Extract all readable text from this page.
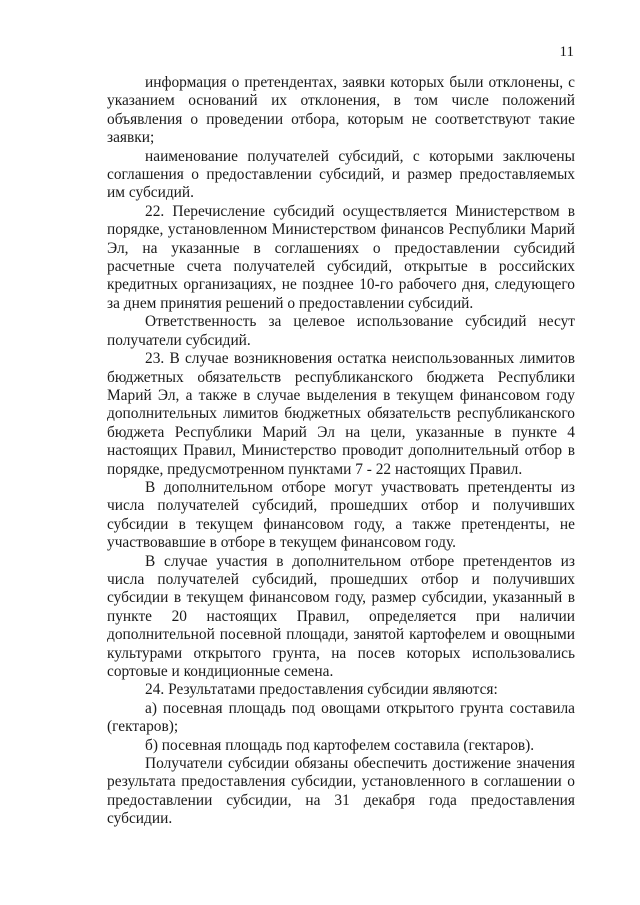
11

информация о претендентах, заявки которых были отклонены, с указанием оснований их отклонения, в том числе положений объявления о проведении отбора, которым не соответствуют такие заявки;

наименование получателей субсидий, с которыми заключены соглашения о предоставлении субсидий, и размер предоставляемых им субсидий.

22. Перечисление субсидий осуществляется Министерством в порядке, установленном Министерством финансов Республики Марий Эл, на указанные в соглашениях о предоставлении субсидий расчетные счета получателей субсидий, открытые в российских кредитных организациях, не позднее 10-го рабочего дня, следующего за днем принятия решений о предоставлении субсидий.

Ответственность за целевое использование субсидий несут получатели субсидий.

23. В случае возникновения остатка неиспользованных лимитов бюджетных обязательств республиканского бюджета Республики Марий Эл, а также в случае выделения в текущем финансовом году дополнительных лимитов бюджетных обязательств республиканского бюджета Республики Марий Эл на цели, указанные в пункте 4 настоящих Правил, Министерство проводит дополнительный отбор в порядке, предусмотренном пунктами 7 - 22 настоящих Правил.

В дополнительном отборе могут участвовать претенденты из числа получателей субсидий, прошедших отбор и получивших субсидии в текущем финансовом году, а также претенденты, не участвовавшие в отборе в текущем финансовом году.

В случае участия в дополнительном отборе претендентов из числа получателей субсидий, прошедших отбор и получивших субсидии в текущем финансовом году, размер субсидии, указанный в пункте 20 настоящих Правил, определяется при наличии дополнительной посевной площади, занятой картофелем и овощными культурами открытого грунта, на посев которых использовались сортовые и кондиционные семена.

24. Результатами предоставления субсидии являются:

а) посевная площадь под овощами открытого грунта составила (гектаров);

б) посевная площадь под картофелем составила (гектаров).

Получатели субсидии обязаны обеспечить достижение значения результата предоставления субсидии, установленного в соглашении о предоставлении субсидии, на 31 декабря года предоставления субсидии.
